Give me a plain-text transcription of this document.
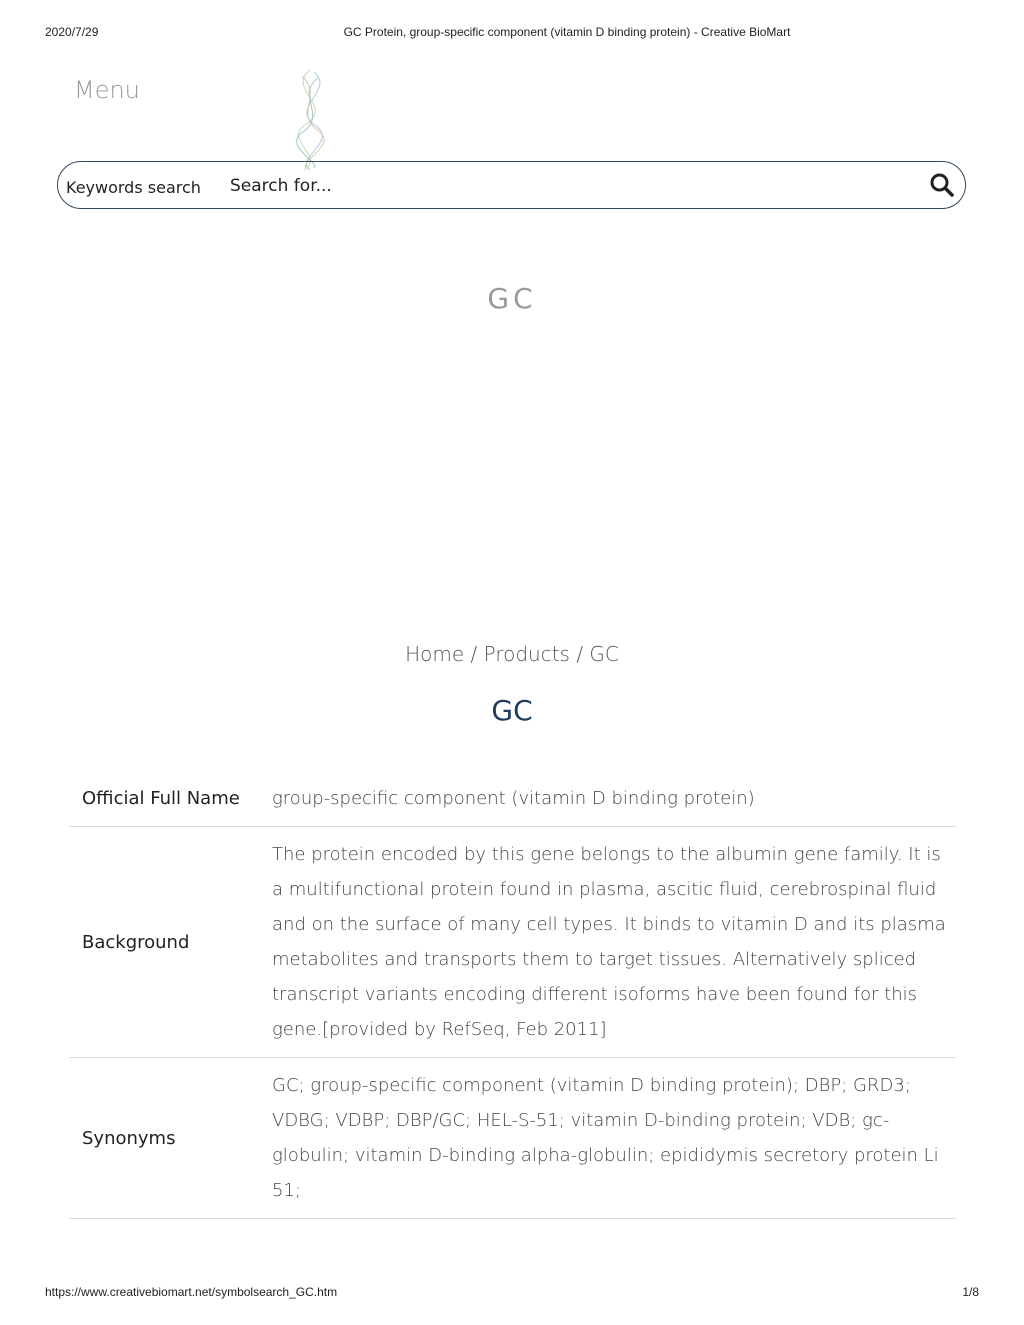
2020/7/29	GC Protein, group-specific component (vitamin D binding protein) - Creative BioMart
Menu
Keywords search
Search for...
GC
Home / Products / GC
GC
Official Full Name	group-specific component (vitamin D binding protein)
Background	The protein encoded by this gene belongs to the albumin gene family. It is a multifunctional protein found in plasma, ascitic fluid, cerebrospinal fluid and on the surface of many cell types. It binds to vitamin D and its plasma metabolites and transports them to target tissues. Alternatively spliced transcript variants encoding different isoforms have been found for this gene.[provided by RefSeq, Feb 2011]
Synonyms	GC; group-specific component (vitamin D binding protein); DBP; GRD3; VDBG; VDBP; DBP/GC; HEL-S-51; vitamin D-binding protein; VDB; gc-globulin; vitamin D-binding alpha-globulin; epididymis secretory protein Li 51;
https://www.creativebiomart.net/symbolsearch_GC.htm	1/8
